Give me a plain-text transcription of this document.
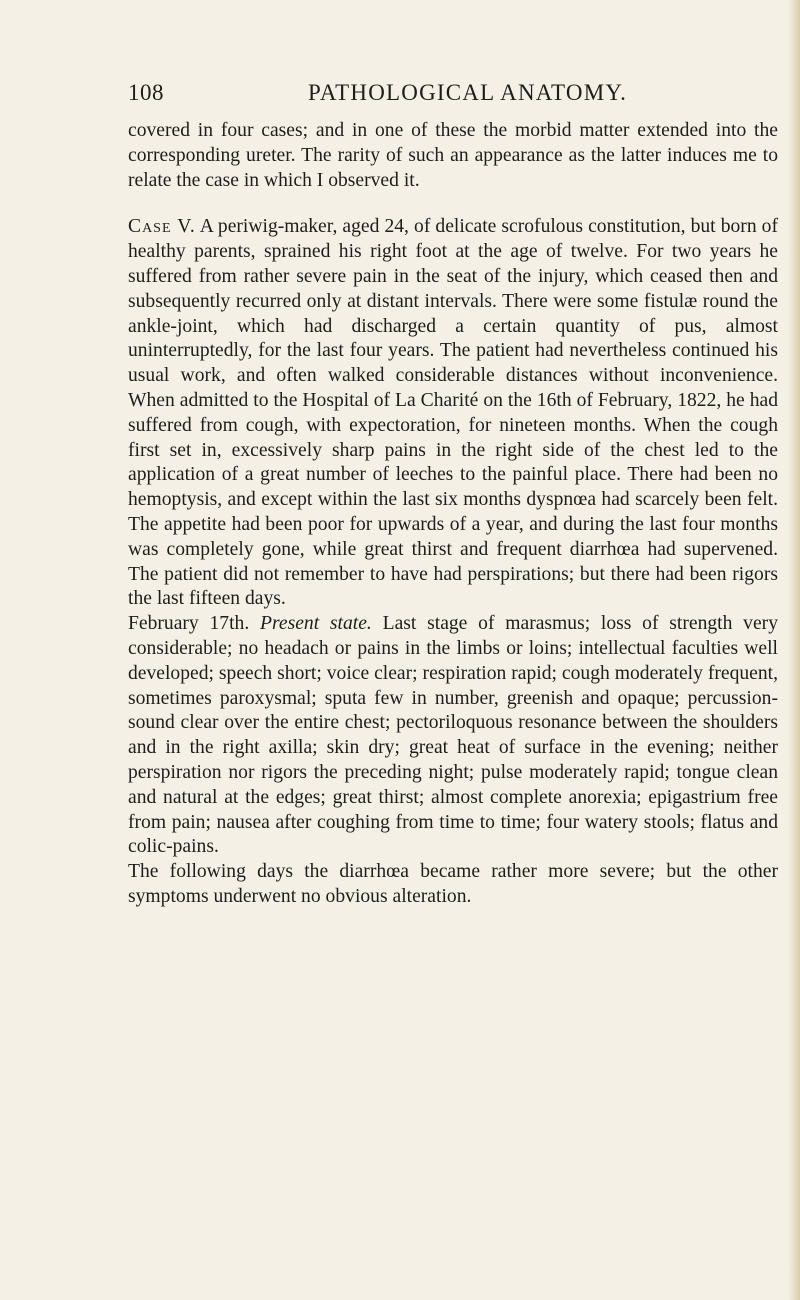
108	PATHOLOGICAL ANATOMY.

covered in four cases; and in one of these the morbid matter extended into the corresponding ureter. The rarity of such an appearance as the latter induces me to relate the case in which I observed it.

Case V. A periwig-maker, aged 24, of delicate scrofulous constitution, but born of healthy parents, sprained his right foot at the age of twelve. For two years he suffered from rather severe pain in the seat of the injury, which ceased then and subsequently recurred only at distant intervals. There were some fistulæ round the ankle-joint, which had discharged a certain quantity of pus, almost uninterruptedly, for the last four years. The patient had nevertheless continued his usual work, and often walked considerable distances without inconvenience. When admitted to the Hospital of La Charité on the 16th of February, 1822, he had suffered from cough, with expectoration, for nineteen months. When the cough first set in, excessively sharp pains in the right side of the chest led to the application of a great number of leeches to the painful place. There had been no hemoptysis, and except within the last six months dyspnœa had scarcely been felt. The appetite had been poor for upwards of a year, and during the last four months was completely gone, while great thirst and frequent diarrhœa had supervened. The patient did not remember to have had perspirations; but there had been rigors the last fifteen days.

February 17th. Present state. Last stage of marasmus; loss of strength very considerable; no headach or pains in the limbs or loins; intellectual faculties well developed; speech short; voice clear; respiration rapid; cough moderately frequent, sometimes paroxysmal; sputa few in number, greenish and opaque; percussion-sound clear over the entire chest; pectoriloquous resonance between the shoulders and in the right axilla; skin dry; great heat of surface in the evening; neither perspiration nor rigors the preceding night; pulse moderately rapid; tongue clean and natural at the edges; great thirst; almost complete anorexia; epigastrium free from pain; nausea after coughing from time to time; four watery stools; flatus and colic-pains.

The following days the diarrhœa became rather more severe; but the other symptoms underwent no obvious alteration.
